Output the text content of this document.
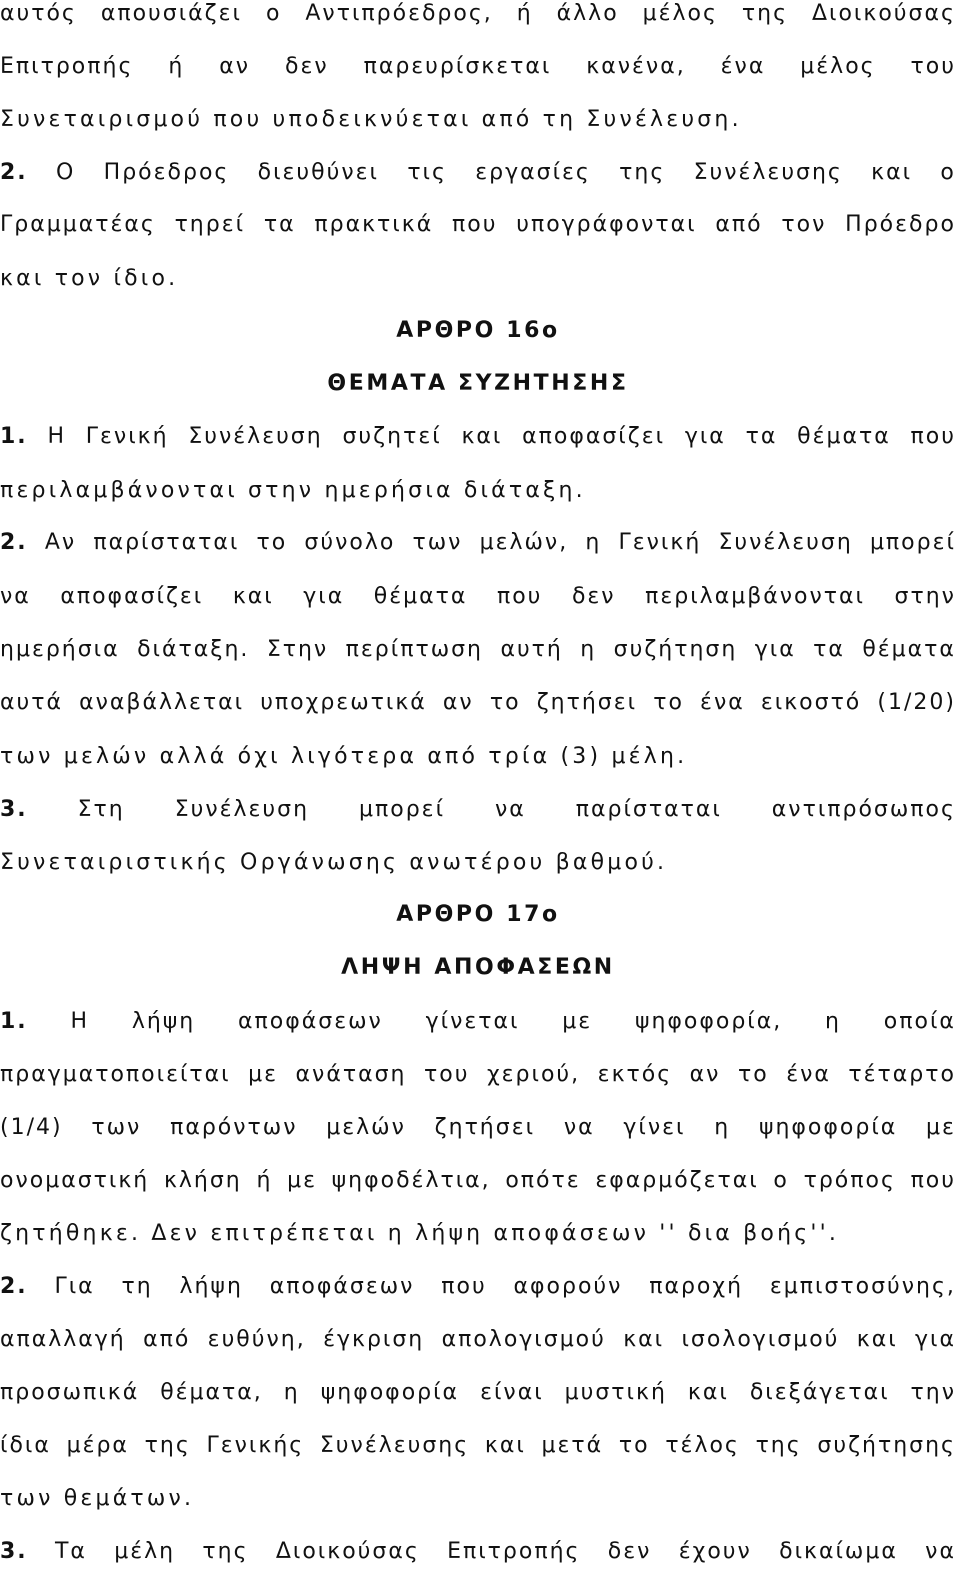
αυτός απουσιάζει ο Αντιπρόεδρος, ή άλλο μέλος της Διοικούσας
Επιτροπής ή αν δεν παρευρίσκεται κανένα, ένα μέλος του
Συνεταιρισμού που υποδεικνύεται από τη Συνέλευση.
2. Ο Πρόεδρος διευθύνει τις εργασίες της Συνέλευσης και ο
Γραμματέας τηρεί τα πρακτικά που υπογράφονται από τον Πρόεδρο
και τον ίδιο.
ΑΡΘΡΟ 16ο
ΘΕΜΑΤΑ ΣΥΖΗΤΗΣΗΣ
1. Η Γενική Συνέλευση συζητεί και αποφασίζει για τα θέματα που
περιλαμβάνονται στην ημερήσια διάταξη.
2. Αν παρίσταται το σύνολο των μελών, η Γενική Συνέλευση μπορεί
να αποφασίζει και για θέματα που δεν περιλαμβάνονται στην
ημερήσια διάταξη. Στην περίπτωση αυτή η συζήτηση για τα θέματα
αυτά αναβάλλεται υποχρεωτικά αν το ζητήσει το ένα εικοστό (1/20)
των μελών αλλά όχι λιγότερα από τρία (3) μέλη.
3. Στη Συνέλευση μπορεί να παρίσταται αντιπρόσωπος
Συνεταιριστικής Οργάνωσης ανωτέρου βαθμού.
ΑΡΘΡΟ 17ο
ΛΗΨΗ ΑΠΟΦΑΣΕΩΝ
1. Η λήψη αποφάσεων γίνεται με ψηφοφορία, η οποία
πραγματοποιείται με ανάταση του χεριού, εκτός αν το ένα τέταρτο
(1/4) των παρόντων μελών ζητήσει να γίνει η ψηφοφορία με
ονομαστική κλήση ή με ψηφοδέλτια, οπότε εφαρμόζεται ο τρόπος που
ζητήθηκε. Δεν επιτρέπεται η λήψη αποφάσεων '' δια βοής''.
2. Για τη λήψη αποφάσεων που αφορούν παροχή εμπιστοσύνης,
απαλλαγή από ευθύνη, έγκριση απολογισμού και ισολογισμού και για
προσωπικά θέματα, η ψηφοφορία είναι μυστική και διεξάγεται την
ίδια μέρα της Γενικής Συνέλευσης και μετά το τέλος της συζήτησης
των θεμάτων.
3. Τα μέλη της Διοικούσας Επιτροπής δεν έχουν δικαίωμα να
